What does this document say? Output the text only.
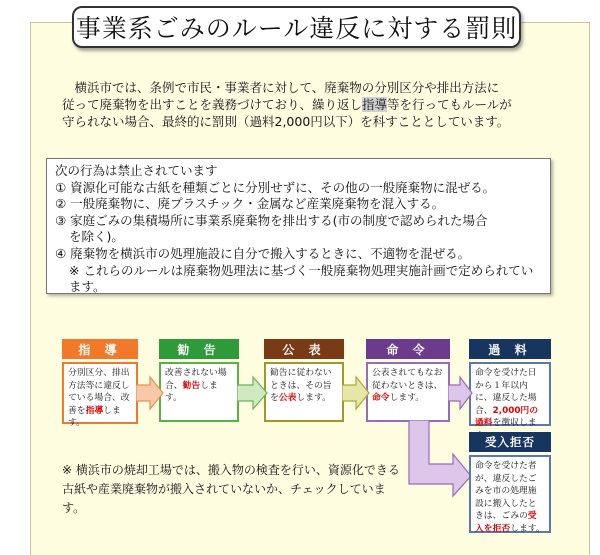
事業系ごみのルール違反に対する罰則
　横浜市では、条例で市民・事業者に対して、廃棄物の分別区分や排出方法に
従って廃棄物を出すことを義務づけており、繰り返し指導等を行ってもルールが
守られない場合、最終的に罰則（過料2,000円以下）を科すこととしています。
次の行為は禁止されています
① 資源化可能な古紙を種類ごとに分別せずに、その他の一般廃棄物に混ぜる。
② 一般廃棄物に、廃プラスチック・金属など産業廃棄物を混入する。
③ 家庭ごみの集積場所に事業系廃棄物を排出する(市の制度で認められた場合
を除く)。
④ 廃棄物を横浜市の処理施設に自分で搬入するときに、不適物を混ぜる。
※ これらのルールは廃棄物処理法に基づく一般廃棄物処理実施計画で定められています。
指 導	勧 告	公 表	命 令	過 料
分別区分、排出方法等に違反している場合、改善を指導します。
改善されない場合、勧告します。
勧告に従わないときは、その旨を公表します。
公表されてもなお従わないときは、命令します。
命令を受けた日から１年以内に、違反した場合、2,000円の過料を徴収しま
受入拒否
命令を受けた者が、違反したごみを市の処理施設に搬入したときは、ごみの受入を拒否します。
※ 横浜市の焼却工場では、搬入物の検査を行い、資源化できる古紙や産業廃棄物が搬入されていないか、チェックしています。
